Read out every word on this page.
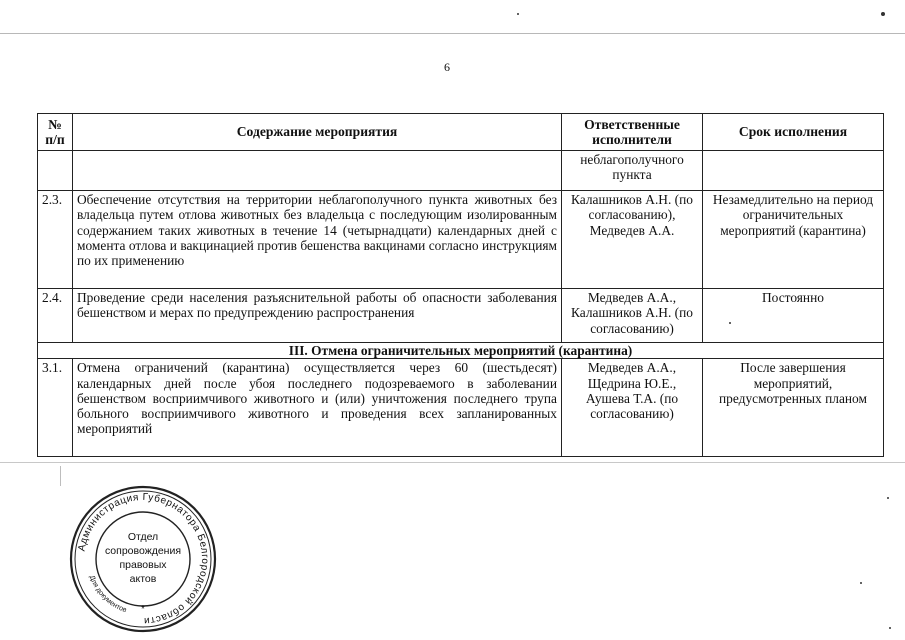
6
№ п/п	Содержание мероприятия	Ответственные исполнители	Срок исполнения
		неблагополучного пункта	
2.3.	Обеспечение отсутствия на территории неблагополучного пункта животных без владельца путем отлова животных без владельца с последующим изолированным содержанием таких животных в течение 14 (четырнадцати) календарных дней с момента отлова и вакцинацией против бешенства вакцинами согласно инструкциям по их применению	Калашников А.Н. (по согласованию), Медведев А.А.	Незамедлительно на период ограничительных мероприятий (карантина)
2.4.	Проведение среди населения разъяснительной работы об опасности заболевания бешенством и мерах по предупреждению распространения	Медведев А.А., Калашников А.Н. (по согласованию)	Постоянно
III. Отмена ограничительных мероприятий (карантина)			
3.1.	Отмена ограничений (карантина) осуществляется через 60 (шестьдесят) календарных дней после убоя последнего подозреваемого в заболевании бешенством восприимчивого животного и (или) уничтожения последнего трупа больного восприимчивого животного и проведения всех запланированных мероприятий	Медведев А.А., Щедрина Ю.Е., Аушева Т.А. (по согласованию)	После завершения мероприятий, предусмотренных планом
Администрация Губернатора Белгородской области
Для документов *
Отдел
сопровождения
правовых
актов
